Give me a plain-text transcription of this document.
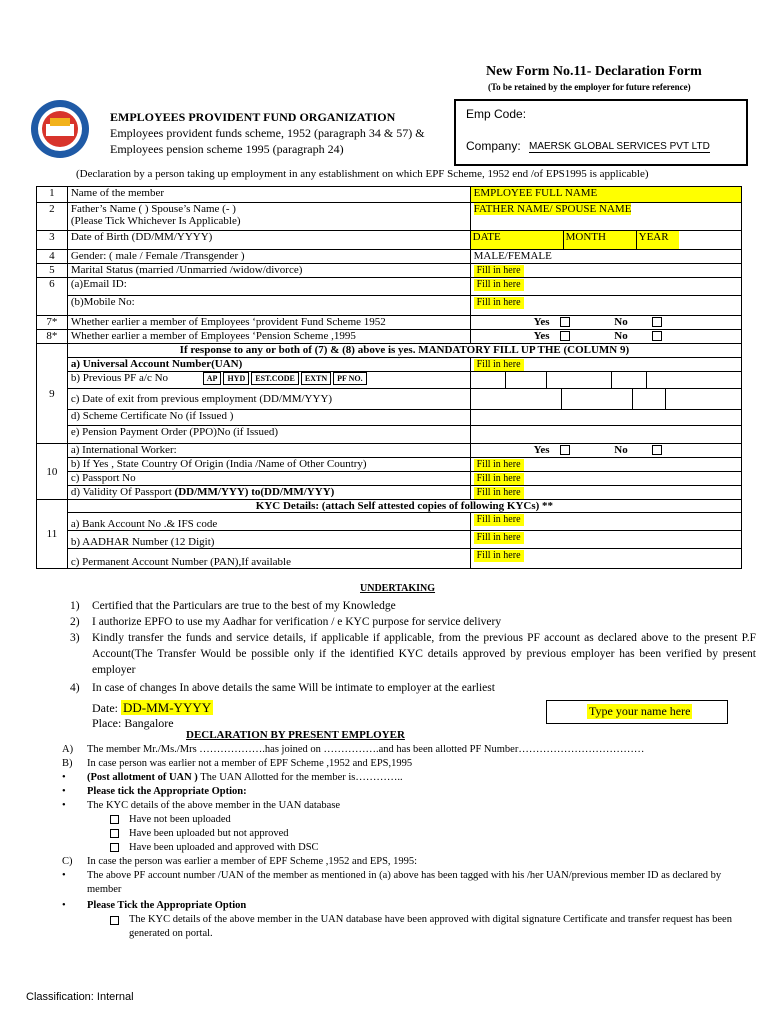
New Form No.11- Declaration Form
(To be retained by the employer for future reference)
EMPLOYEES PROVIDENT FUND ORGANIZATION
Employees provident funds scheme, 1952 (paragraph 34 & 57) &
Employees pension scheme 1995 (paragraph 24)
Emp Code:
Company: MAERSK GLOBAL SERVICES PVT LTD
(Declaration by a person taking up employment in any establishment on which EPF Scheme, 1952 end /of EPS1995 is applicable)
1	Name of the member	EMPLOYEE FULL NAME
2	Father’s Name ( ) Spouse’s Name (- )
(Please Tick Whichever Is Applicable)	FATHER NAME/ SPOUSE NAME
3	Date of Birth (DD/MM/YYYY)	DATE MONTH YEAR

4	Gender: ( male / Female /Transgender )	MALE/FEMALE
5	Marital Status (married /Unmarried /widow/divorce)	Fill in here
6	(a)Email ID:	Fill in here
	(b)Mobile No:	Fill in here
7*	Whether earlier a member of Employees ‘provident Fund Scheme 1952	Yes No
8*	Whether earlier a member of Employees ‘Pension Scheme ,1995	Yes No
9	If response to any or both of (7) & (8) above is yes. MANDATORY FILL UP THE (COLUMN 9)	
	a) Universal Account Number(UAN)	Fill in here
	b) Previous PF a/c No AP HYD EST.CODE EXTN PF NO.	

	c) Date of exit from previous employment (DD/MM/YYY)	

	d) Scheme Certificate No (if Issued )	
	e) Pension Payment Order (PPO)No (if Issued)	
10	a) International Worker:	Yes No
	b) If Yes , State Country Of Origin (India /Name of Other Country)	Fill in here
	c) Passport No	Fill in here
	d) Validity Of Passport (DD/MM/YYY) to(DD/MM/YYY)	Fill in here
11	KYC Details: (attach Self attested copies of following KYCs) **	
	a) Bank Account No .& IFS code	Fill in here
	b) AADHAR Number (12 Digit)	Fill in here
	c) Permanent Account Number (PAN),If available	Fill in here
UNDERTAKING
1)	Certified that the Particulars are true to the best of my Knowledge
2)	I authorize EPFO to use my Aadhar for verification / e KYC purpose for service delivery
3)	Kindly transfer the funds and service details, if applicable if applicable, from the previous PF account as declared above to the present P.F Account(The Transfer Would be possible only if the identified KYC details approved by previous employer has been verified by present employer
4)	In case of changes In above details the same Will be intimate to employer at the earliest
Date: DD-MM-YYYY
Place: Bangalore
Type your name here
DECLARATION BY PRESENT EMPLOYER
A)	The member Mr./Ms./Mrs ……………….has joined on …………….and has been allotted PF Number………………………………
B)	In case person was earlier not a member of EPF Scheme ,1952 and EPS,1995
•	(Post allotment of UAN ) The UAN Allotted for the member is…………..
•	Please tick the Appropriate Option:
•	The KYC details of the above member in the UAN database
Have not been uploaded
Have been uploaded but not approved
Have been uploaded and approved with DSC
C)	In case the person was earlier a member of EPF Scheme ,1952 and EPS, 1995:
•	The above PF account number /UAN of the member as mentioned in (a) above has been tagged with his /her UAN/previous member ID as declared by member
•	Please Tick the Appropriate Option
The KYC details of the above member in the UAN database have been approved with digital signature Certificate and transfer request has been generated on portal.
Classification: Internal
